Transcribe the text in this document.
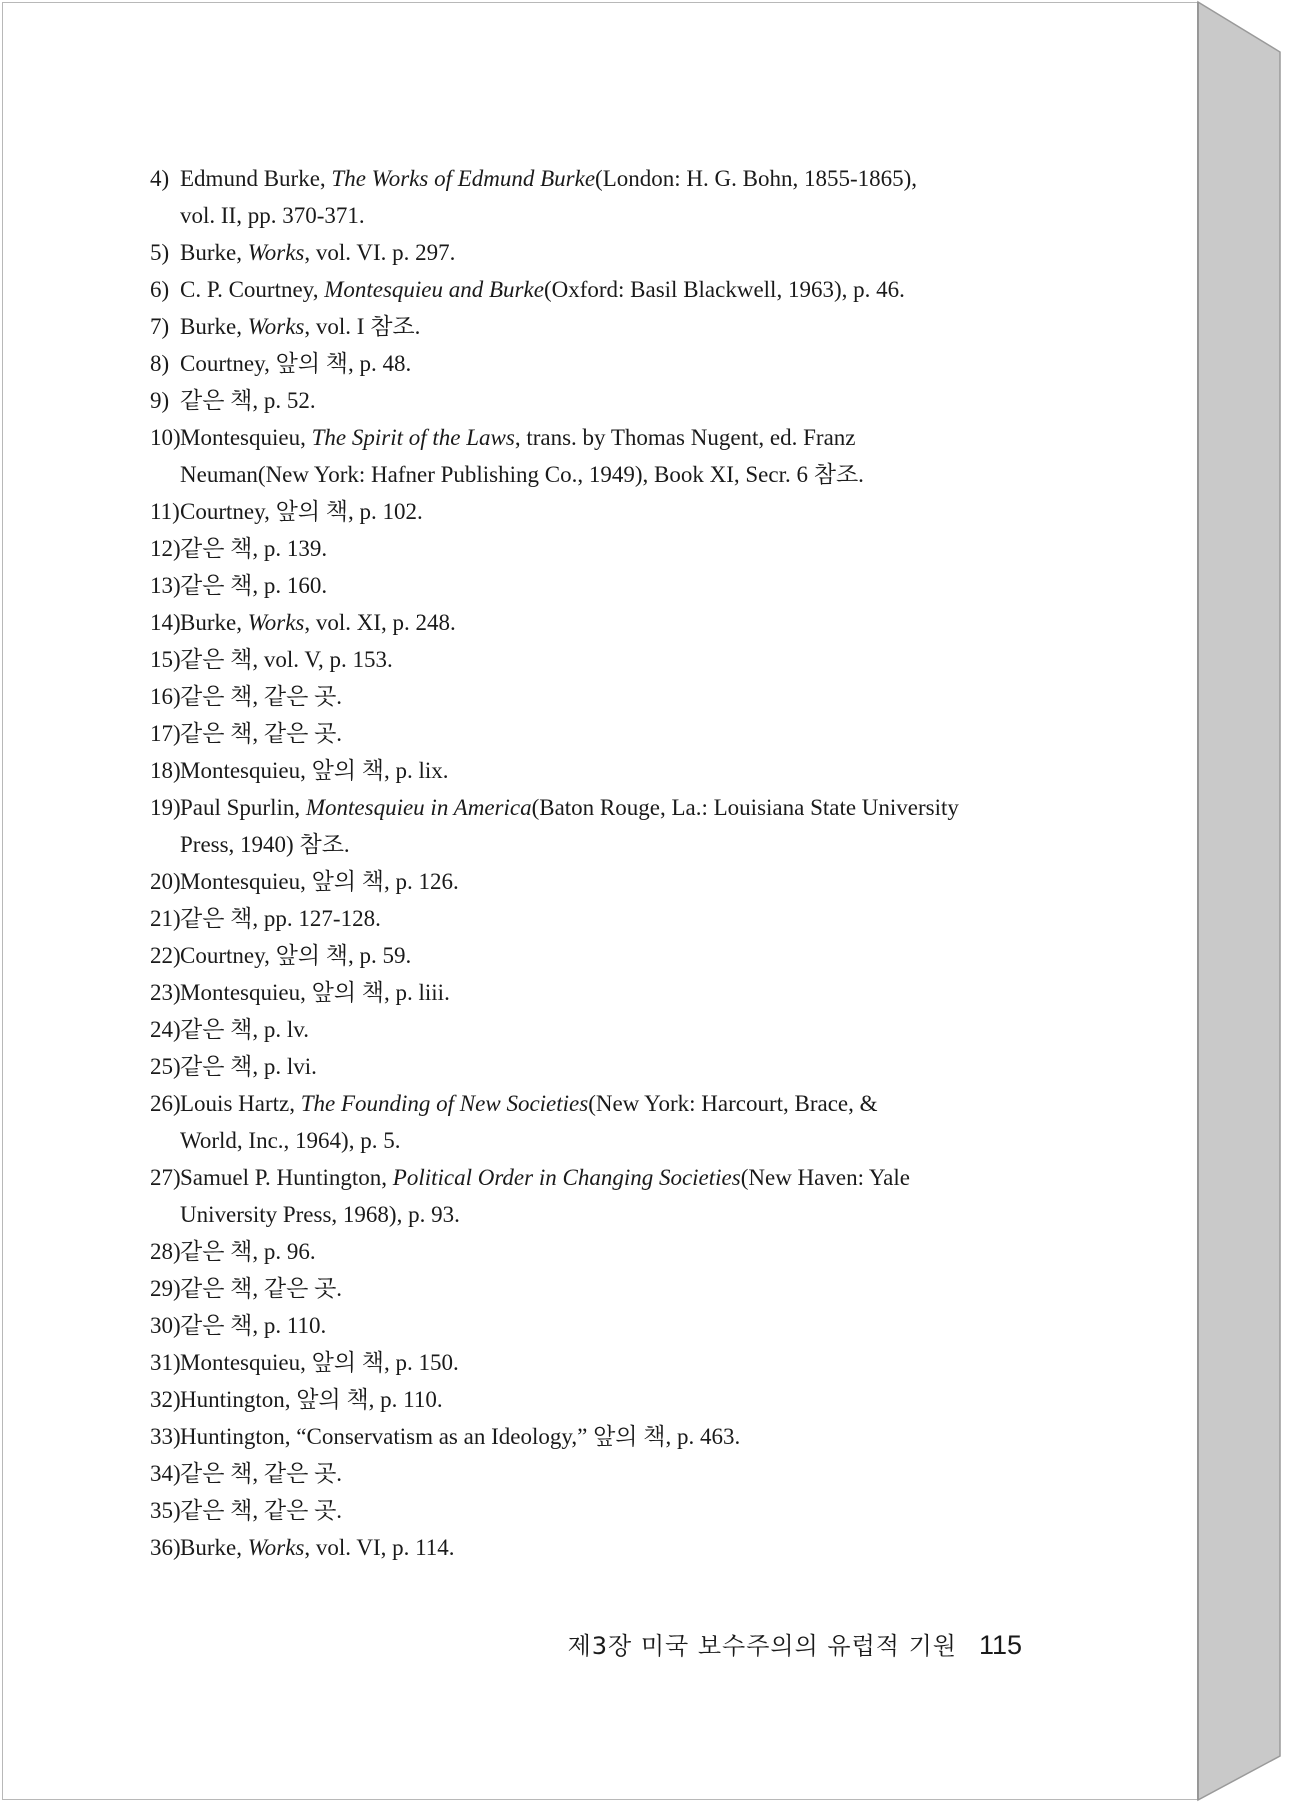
4) Edmund Burke, The Works of Edmund Burke(London: H. G. Bohn, 1855-1865),
vol. II, pp. 370-371.
5) Burke, Works, vol. VI. p. 297.
6) C. P. Courtney, Montesquieu and Burke(Oxford: Basil Blackwell, 1963), p. 46.
7) Burke, Works, vol. I 참조.
8) Courtney, 앞의 책, p. 48.
9) 같은 책, p. 52.
10) Montesquieu, The Spirit of the Laws, trans. by Thomas Nugent, ed. Franz
Neuman(New York: Hafner Publishing Co., 1949), Book XI, Secr. 6 참조.
11) Courtney, 앞의 책, p. 102.
12) 같은 책, p. 139.
13) 같은 책, p. 160.
14) Burke, Works, vol. XI, p. 248.
15) 같은 책, vol. V, p. 153.
16) 같은 책, 같은 곳.
17) 같은 책, 같은 곳.
18) Montesquieu, 앞의 책, p. lix.
19) Paul Spurlin, Montesquieu in America(Baton Rouge, La.: Louisiana State University
Press, 1940) 참조.
20) Montesquieu, 앞의 책, p. 126.
21) 같은 책, pp. 127-128.
22) Courtney, 앞의 책, p. 59.
23) Montesquieu, 앞의 책, p. liii.
24) 같은 책, p. lv.
25) 같은 책, p. lvi.
26) Louis Hartz, The Founding of New Societies(New York: Harcourt, Brace, &
World, Inc., 1964), p. 5.
27) Samuel P. Huntington, Political Order in Changing Societies(New Haven: Yale
University Press, 1968), p. 93.
28) 같은 책, p. 96.
29) 같은 책, 같은 곳.
30) 같은 책, p. 110.
31) Montesquieu, 앞의 책, p. 150.
32) Huntington, 앞의 책, p. 110.
33) Huntington, “Conservatism as an Ideology,” 앞의 책, p. 463.
34) 같은 책, 같은 곳.
35) 같은 책, 같은 곳.
36) Burke, Works, vol. VI, p. 114.
제3장 미국 보수주의의 유럽적 기원 115
